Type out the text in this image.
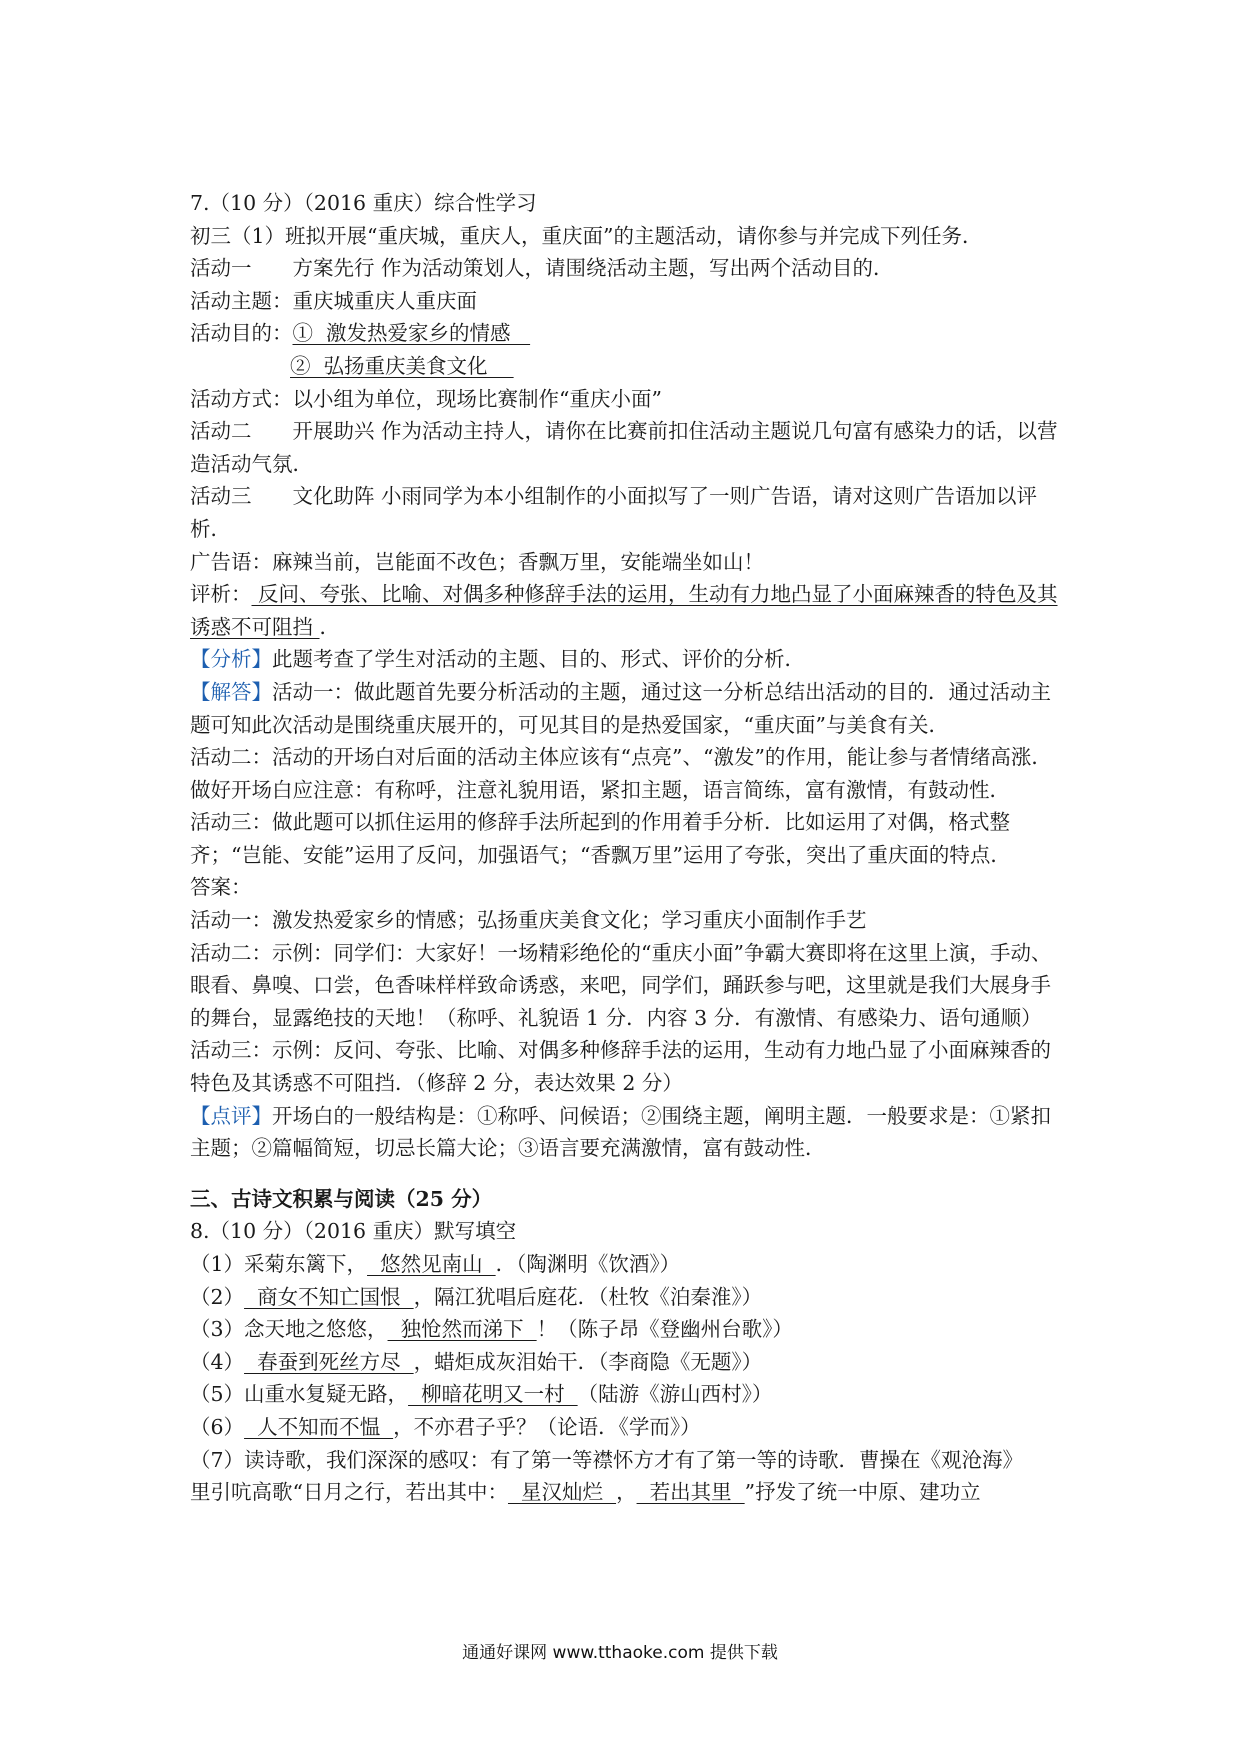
7.（10 分）（2016 重庆）综合性学习
初三（1）班拟开展“重庆城，重庆人，重庆面”的主题活动，请你参与并完成下列任务．
活动一　　方案先行 作为活动策划人，请围绕活动主题，写出两个活动目的．
活动主题：重庆城重庆人重庆面
活动目的：①  激发热爱家乡的情感
②  弘扬重庆美食文化
活动方式：以小组为单位，现场比赛制作“重庆小面”
活动二　　开展助兴 作为活动主持人，请你在比赛前扣住活动主题说几句富有感染力的话，以营造活动气氛．
活动三　　文化助阵 小雨同学为本小组制作的小面拟写了一则广告语，请对这则广告语加以评析．
广告语：麻辣当前，岂能面不改色；香飘万里，安能端坐如山！
评析： 反问、夸张、比喻、对偶多种修辞手法的运用，生动有力地凸显了小面麻辣香的特色及其诱惑不可阻挡 ．
【分析】此题考查了学生对活动的主题、目的、形式、评价的分析．
【解答】活动一：做此题首先要分析活动的主题，通过这一分析总结出活动的目的．通过活动主题可知此次活动是围绕重庆展开的，可见其目的是热爱国家，“重庆面”与美食有关．
活动二：活动的开场白对后面的活动主体应该有“点亮”、“激发”的作用，能让参与者情绪高涨．做好开场白应注意：有称呼，注意礼貌用语，紧扣主题，语言简练，富有激情，有鼓动性．
活动三：做此题可以抓住运用的修辞手法所起到的作用着手分析．比如运用了对偶，格式整齐；“岂能、安能”运用了反问，加强语气；“香飘万里”运用了夸张，突出了重庆面的特点．
答案：
活动一：激发热爱家乡的情感；弘扬重庆美食文化；学习重庆小面制作手艺
活动二：示例：同学们：大家好！一场精彩绝伦的“重庆小面”争霸大赛即将在这里上演，手动、眼看、鼻嗅、口尝，色香味样样致命诱惑，来吧，同学们，踊跃参与吧，这里就是我们大展身手的舞台，显露绝技的天地！（称呼、礼貌语 1 分．内容 3 分．有激情、有感染力、语句通顺）
活动三：示例：反问、夸张、比喻、对偶多种修辞手法的运用，生动有力地凸显了小面麻辣香的特色及其诱惑不可阻挡．（修辞 2 分，表达效果 2 分）
【点评】开场白的一般结构是：①称呼、问候语；②围绕主题，阐明主题．一般要求是：①紧扣主题；②篇幅简短，切忌长篇大论；③语言要充满激情，富有鼓动性．
三、古诗文积累与阅读（25 分）
8.（10 分）（2016 重庆）默写填空
（1）采菊东篱下，  悠然见南山  ．（陶渊明《饮酒》）
（2）  商女不知亡国恨  ，隔江犹唱后庭花．（杜牧《泊秦淮》）
（3）念天地之悠悠，  独怆然而涕下  ！（陈子昂《登幽州台歌》）
（4）  春蚕到死丝方尽  ，蜡炬成灰泪始干．（李商隐《无题》）
（5）山重水复疑无路，  柳暗花明又一村  （陆游《游山西村》）
（6）  人不知而不愠  ，不亦君子乎？（论语．《学而》）
（7）读诗歌，我们深深的感叹：有了第一等襟怀方才有了第一等的诗歌．曹操在《观沧海》
里引吭高歌“日月之行，若出其中：  星汉灿烂  ，  若出其里  ”抒发了统一中原、建功立
通通好课网 www.tthaoke.com 提供下载
